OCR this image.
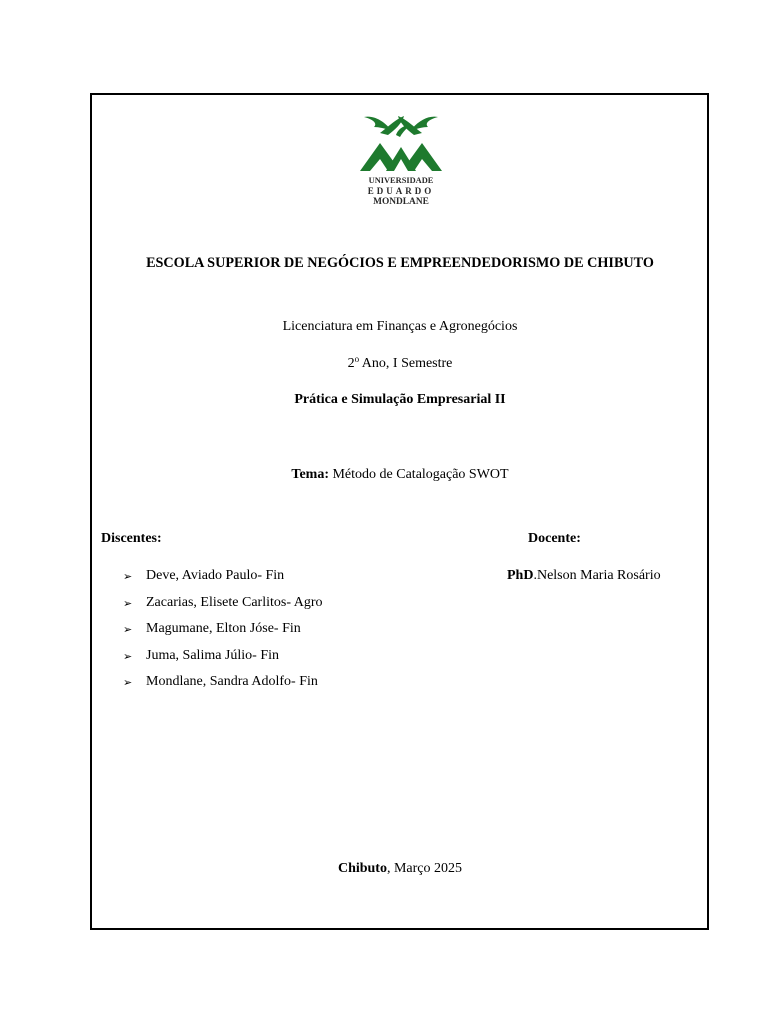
UNIVERSIDADE
EDUARDO
MONDLANE
ESCOLA SUPERIOR DE NEGÓCIOS E EMPREENDEDORISMO DE CHIBUTO
Licenciatura em Finanças e Agronegócios
2$^o$ Ano, I Semestre
Prática e Simulação Empresarial II
Tema: Método de Catalogação SWOT
Discentes:	Docente:
➢ Deve, Aviado Paulo- Fin
➢ Zacarias, Elisete Carlitos- Agro
➢ Magumane, Elton Jóse- Fin
➢ Juma, Salima Júlio- Fin
➢ Mondlane, Sandra Adolfo- Fin
PhD.Nelson Maria Rosário
Chibuto, Março 2025
